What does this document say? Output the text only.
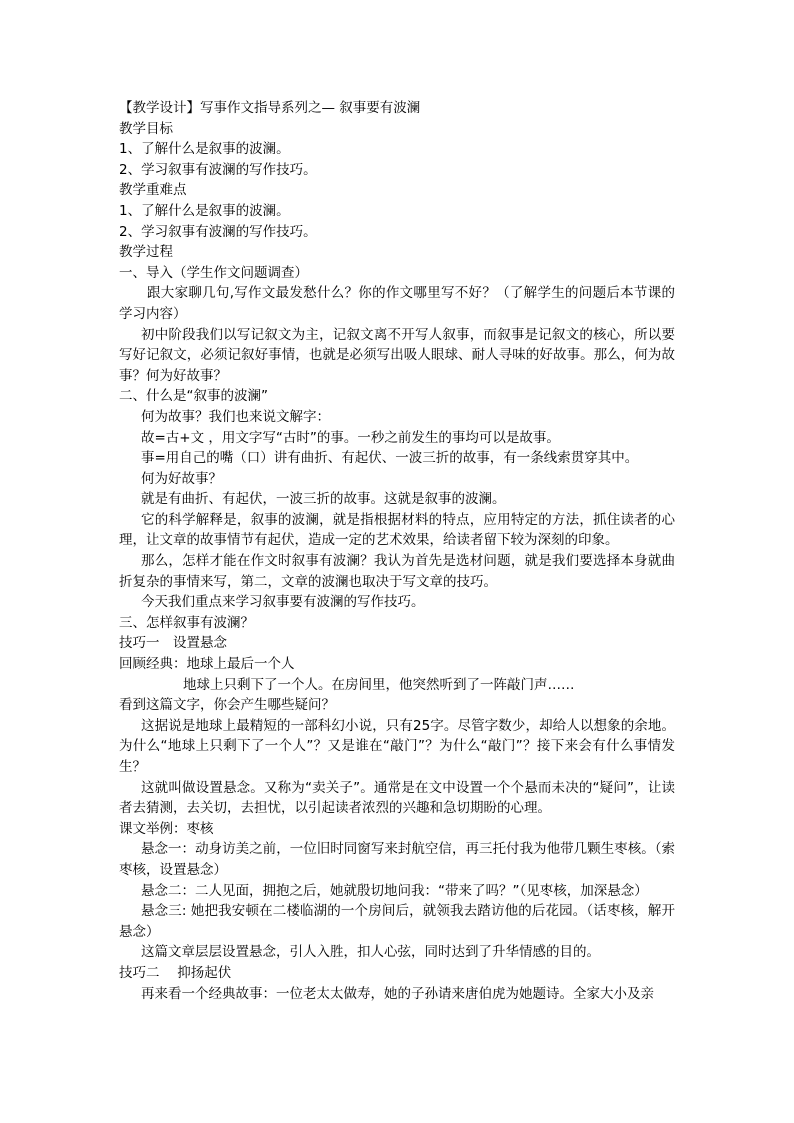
【教学设计】写事作文指导系列之— 叙事要有波澜

教学目标

1、了解什么是叙事的波澜。

2、学习叙事有波澜的写作技巧。

教学重难点

1、了解什么是叙事的波澜。

2、学习叙事有波澜的写作技巧。

教学过程

一、导入（学生作文问题调查）

跟大家聊几句,写作文最发愁什么？你的作文哪里写不好？（了解学生的问题后本节课的学习内容）

初中阶段我们以写记叙文为主，记叙文离不开写人叙事，而叙事是记叙文的核心，所以要写好记叙文，必须记叙好事情，也就是必须写出吸人眼球、耐人寻味的好故事。那么，何为故事？何为好故事？

二、什么是“叙事的波澜”

何为故事？我们也来说文解字：

故=古+文 ，用文字写“古时”的事。一秒之前发生的事均可以是故事。

事=用自己的嘴（口）讲有曲折、有起伏、一波三折的故事，有一条线索贯穿其中。

何为好故事？

就是有曲折、有起伏，一波三折的故事。这就是叙事的波澜。

它的科学解释是，叙事的波澜，就是指根据材料的特点，应用特定的方法，抓住读者的心理，让文章的故事情节有起伏，造成一定的艺术效果，给读者留下较为深刻的印象。

那么，怎样才能在作文时叙事有波澜？我认为首先是选材问题，就是我们要选择本身就曲折复杂的事情来写，第二，文章的波澜也取决于写文章的技巧。

今天我们重点来学习叙事要有波澜的写作技巧。

三、怎样叙事有波澜？

技巧一　设置悬念

回顾经典：地球上最后一个人

地球上只剩下了一个人。在房间里，他突然听到了一阵敲门声……

看到这篇文字，你会产生哪些疑问？

这据说是地球上最精短的一部科幻小说，只有25字。尽管字数少，却给人以想象的余地。为什么“地球上只剩下了一个人”？又是谁在“敲门”？为什么“敲门”？接下来会有什么事情发生？

这就叫做设置悬念。又称为“卖关子”。通常是在文中设置一个个悬而未决的“疑问”，让读者去猜测，去关切，去担忧，以引起读者浓烈的兴趣和急切期盼的心理。

课文举例：枣核

悬念一：动身访美之前，一位旧时同窗写来封航空信，再三托付我为他带几颗生枣核。（索枣核，设置悬念）

悬念二：二人见面，拥抱之后，她就殷切地问我：“带来了吗？”（见枣核，加深悬念）

悬念三: 她把我安顿在二楼临湖的一个房间后，就领我去踏访他的后花园。（话枣核，解开悬念）

这篇文章层层设置悬念，引人入胜，扣人心弦，同时达到了升华情感的目的。

技巧二　 抑扬起伏

再来看一个经典故事：一位老太太做寿，她的子孙请来唐伯虎为她题诗。全家大小及亲
